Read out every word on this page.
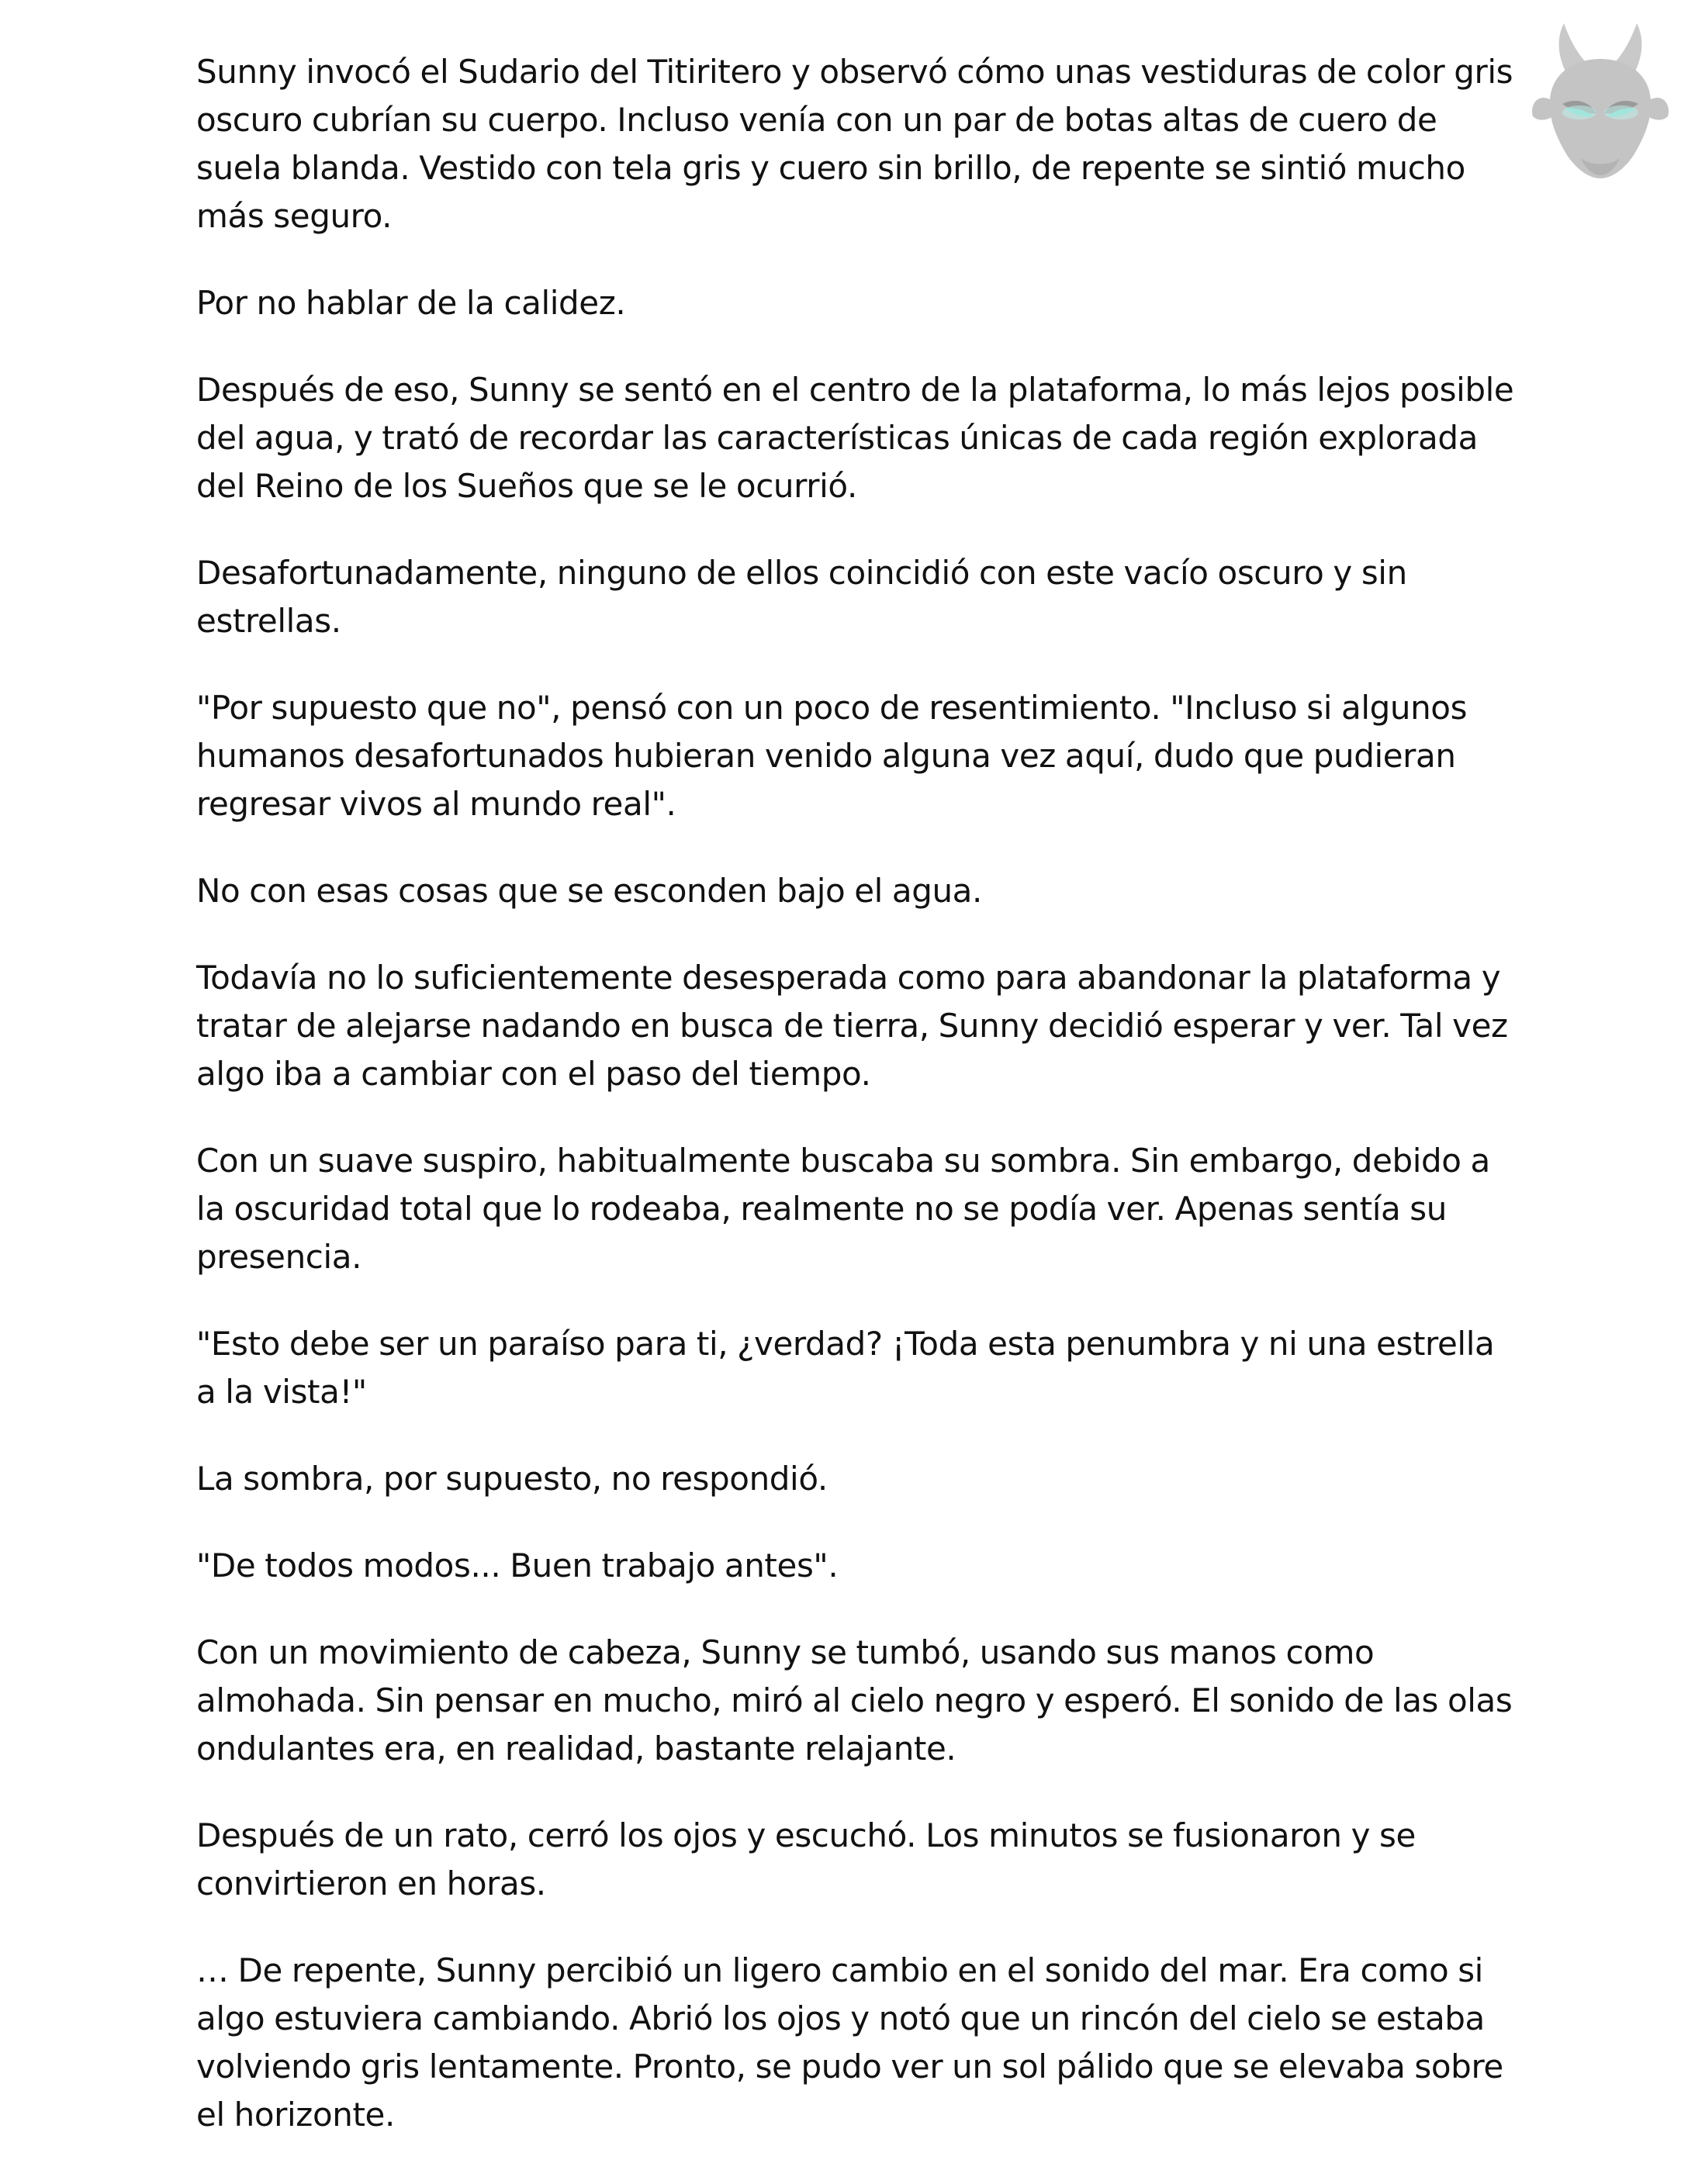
Sunny invocó el Sudario del Titiritero y observó cómo unas vestiduras de color gris oscuro cubrían su cuerpo. Incluso venía con un par de botas altas de cuero de suela blanda. Vestido con tela gris y cuero sin brillo, de repente se sintió mucho más seguro.

Por no hablar de la calidez.

Después de eso, Sunny se sentó en el centro de la plataforma, lo más lejos posible del agua, y trató de recordar las características únicas de cada región explorada del Reino de los Sueños que se le ocurrió.

Desafortunadamente, ninguno de ellos coincidió con este vacío oscuro y sin estrellas.

"Por supuesto que no", pensó con un poco de resentimiento. "Incluso si algunos humanos desafortunados hubieran venido alguna vez aquí, dudo que pudieran regresar vivos al mundo real".

No con esas cosas que se esconden bajo el agua.

Todavía no lo suficientemente desesperada como para abandonar la plataforma y tratar de alejarse nadando en busca de tierra, Sunny decidió esperar y ver. Tal vez algo iba a cambiar con el paso del tiempo.

Con un suave suspiro, habitualmente buscaba su sombra. Sin embargo, debido a la oscuridad total que lo rodeaba, realmente no se podía ver. Apenas sentía su presencia.

"Esto debe ser un paraíso para ti, ¿verdad? ¡Toda esta penumbra y ni una estrella a la vista!"

La sombra, por supuesto, no respondió.

"De todos modos... Buen trabajo antes".

Con un movimiento de cabeza, Sunny se tumbó, usando sus manos como almohada. Sin pensar en mucho, miró al cielo negro y esperó. El sonido de las olas ondulantes era, en realidad, bastante relajante.

Después de un rato, cerró los ojos y escuchó. Los minutos se fusionaron y se convirtieron en horas.

… De repente, Sunny percibió un ligero cambio en el sonido del mar. Era como si algo estuviera cambiando. Abrió los ojos y notó que un rincón del cielo se estaba volviendo gris lentamente. Pronto, se pudo ver un sol pálido que se elevaba sobre el horizonte.
